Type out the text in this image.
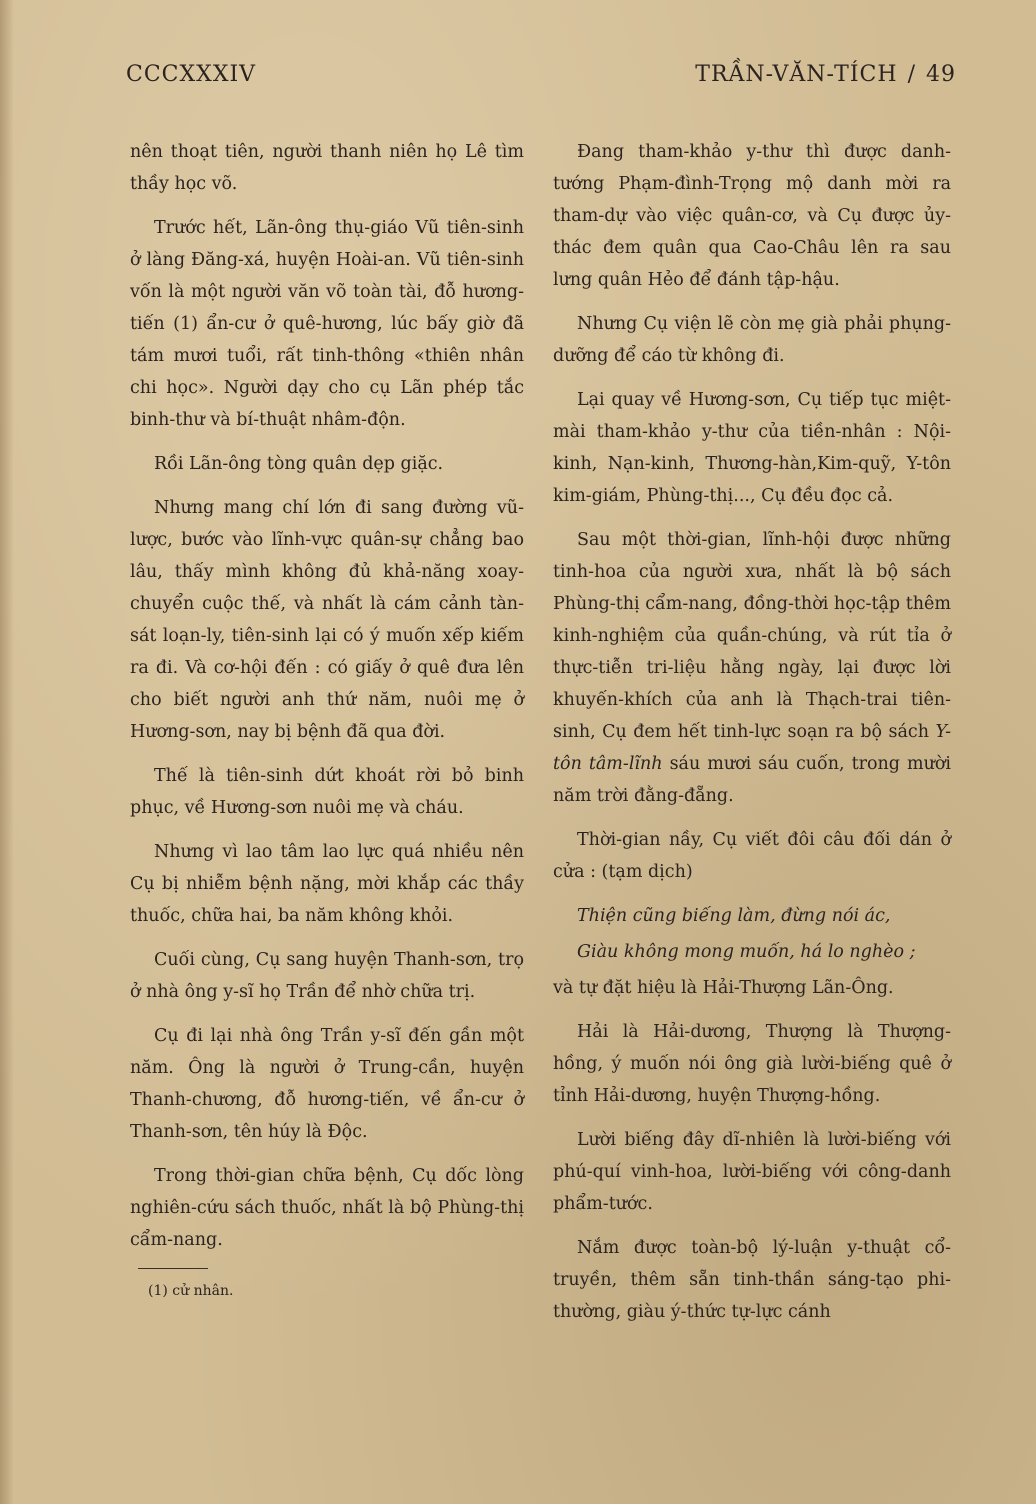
CCCXXXIV	TRẦN-VĂN-TÍCH / 49

nên thoạt tiên, người thanh niên họ Lê tìm thầy học võ.

Trước hết, Lãn-ông thụ-giáo Vũ tiên-sinh ở làng Đăng-xá, huyện Hoài-an. Vũ tiên-sinh vốn là một người văn võ toàn tài, đỗ hương-tiến (1) ẩn-cư ở quê-hương, lúc bấy giờ đã tám mươi tuổi, rất tinh-thông «thiên nhân chi học». Người dạy cho cụ Lãn phép tắc binh-thư và bí-thuật nhâm-độn.

Rồi Lãn-ông tòng quân dẹp giặc.

Nhưng mang chí lớn đi sang đường vũ-lược, bước vào lĩnh-vực quân-sự chẳng bao lâu, thấy mình không đủ khả-năng xoay-chuyển cuộc thế, và nhất là cám cảnh tàn-sát loạn-ly, tiên-sinh lại có ý muốn xếp kiếm ra đi. Và cơ-hội đến : có giấy ở quê đưa lên cho biết người anh thứ năm, nuôi mẹ ở Hương-sơn, nay bị bệnh đã qua đời.

Thế là tiên-sinh dứt khoát rời bỏ binh phục, về Hương-sơn nuôi mẹ và cháu.

Nhưng vì lao tâm lao lực quá nhiều nên Cụ bị nhiễm bệnh nặng, mời khắp các thầy thuốc, chữa hai, ba năm không khỏi.

Cuối cùng, Cụ sang huyện Thanh-sơn, trọ ở nhà ông y-sĩ họ Trần để nhờ chữa trị.

Cụ đi lại nhà ông Trần y-sĩ đến gần một năm. Ông là người ở Trung-cần, huyện Thanh-chương, đỗ hương-tiến, về ẩn-cư ở Thanh-sơn, tên húy là Độc.

Trong thời-gian chữa bệnh, Cụ dốc lòng nghiên-cứu sách thuốc, nhất là bộ Phùng-thị cẩm-nang.

(1) cử nhân.

Đang tham-khảo y-thư thì được danh-tướng Phạm-đình-Trọng mộ danh mời ra tham-dự vào việc quân-cơ, và Cụ được ủy-thác đem quân qua Cao-Châu lên ra sau lưng quân Hẻo để đánh tập-hậu.

Nhưng Cụ viện lẽ còn mẹ già phải phụng-dưỡng để cáo từ không đi.

Lại quay về Hương-sơn, Cụ tiếp tục miệt-mài tham-khảo y-thư của tiền-nhân : Nội-kinh, Nạn-kinh, Thương-hàn,Kim-quỹ, Y-tôn kim-giám, Phùng-thị..., Cụ đều đọc cả.

Sau một thời-gian, lĩnh-hội được những tinh-hoa của người xưa, nhất là bộ sách Phùng-thị cẩm-nang, đồng-thời học-tập thêm kinh-nghiệm của quần-chúng, và rút tỉa ở thực-tiễn tri-liệu hằng ngày, lại được lời khuyến-khích của anh là Thạch-trai tiên-sinh, Cụ đem hết tinh-lực soạn ra bộ sách Y-tôn tâm-lĩnh sáu mươi sáu cuốn, trong mười năm trời đằng-đẵng.

Thời-gian nầy, Cụ viết đôi câu đối dán ở cửa : (tạm dịch)

Thiện cũng biếng làm, đừng nói ác,

Giàu không mong muốn, há lo nghèo ;

và tự đặt hiệu là Hải-Thượng Lãn-Ông.

Hải là Hải-dương, Thượng là Thượng-hồng, ý muốn nói ông già lười-biếng quê ở tỉnh Hải-dương, huyện Thượng-hồng.

Lười biếng đây dĩ-nhiên là lười-biếng với phú-quí vinh-hoa, lười-biếng với công-danh phẩm-tước.

Nắm được toàn-bộ lý-luận y-thuật cổ-truyền, thêm sẵn tinh-thần sáng-tạo phi-thường, giàu ý-thức tự-lực cánh
